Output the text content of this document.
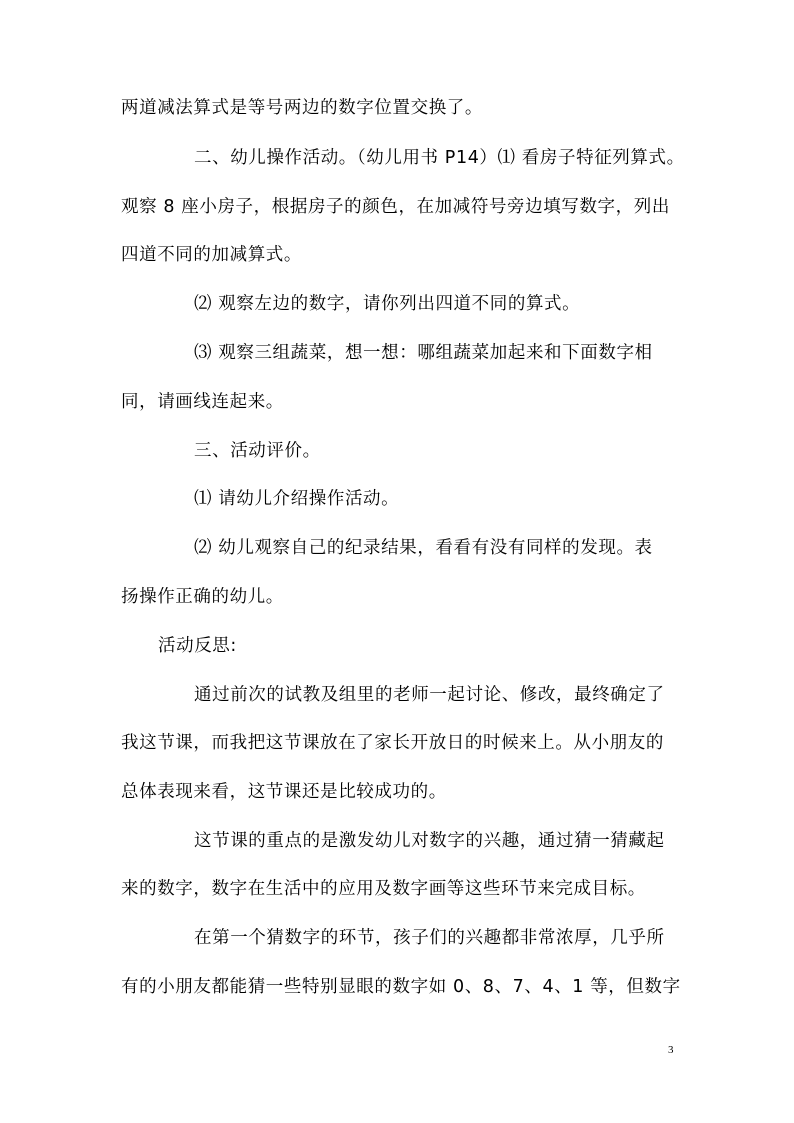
两道减法算式是等号两边的数字位置交换了。
二、幼儿操作活动。（幼儿用书 P14）⑴ 看房子特征列算式。
观察 8 座小房子，根据房子的颜色，在加减符号旁边填写数字，列出
四道不同的加减算式。
⑵ 观察左边的数字，请你列出四道不同的算式。
⑶ 观察三组蔬菜，想一想：哪组蔬菜加起来和下面数字相
同，请画线连起来。
三、活动评价。
⑴ 请幼儿介绍操作活动。
⑵ 幼儿观察自己的纪录结果，看看有没有同样的发现。表
扬操作正确的幼儿。
活动反思:
通过前次的试教及组里的老师一起讨论、修改，最终确定了
我这节课，而我把这节课放在了家长开放日的时候来上。从小朋友的
总体表现来看，这节课还是比较成功的。
这节课的重点的是激发幼儿对数字的兴趣，通过猜一猜藏起
来的数字，数字在生活中的应用及数字画等这些环节来完成目标。
在第一个猜数字的环节，孩子们的兴趣都非常浓厚，几乎所
有的小朋友都能猜一些特别显眼的数字如 0、8、7、4、1 等，但数字
3
